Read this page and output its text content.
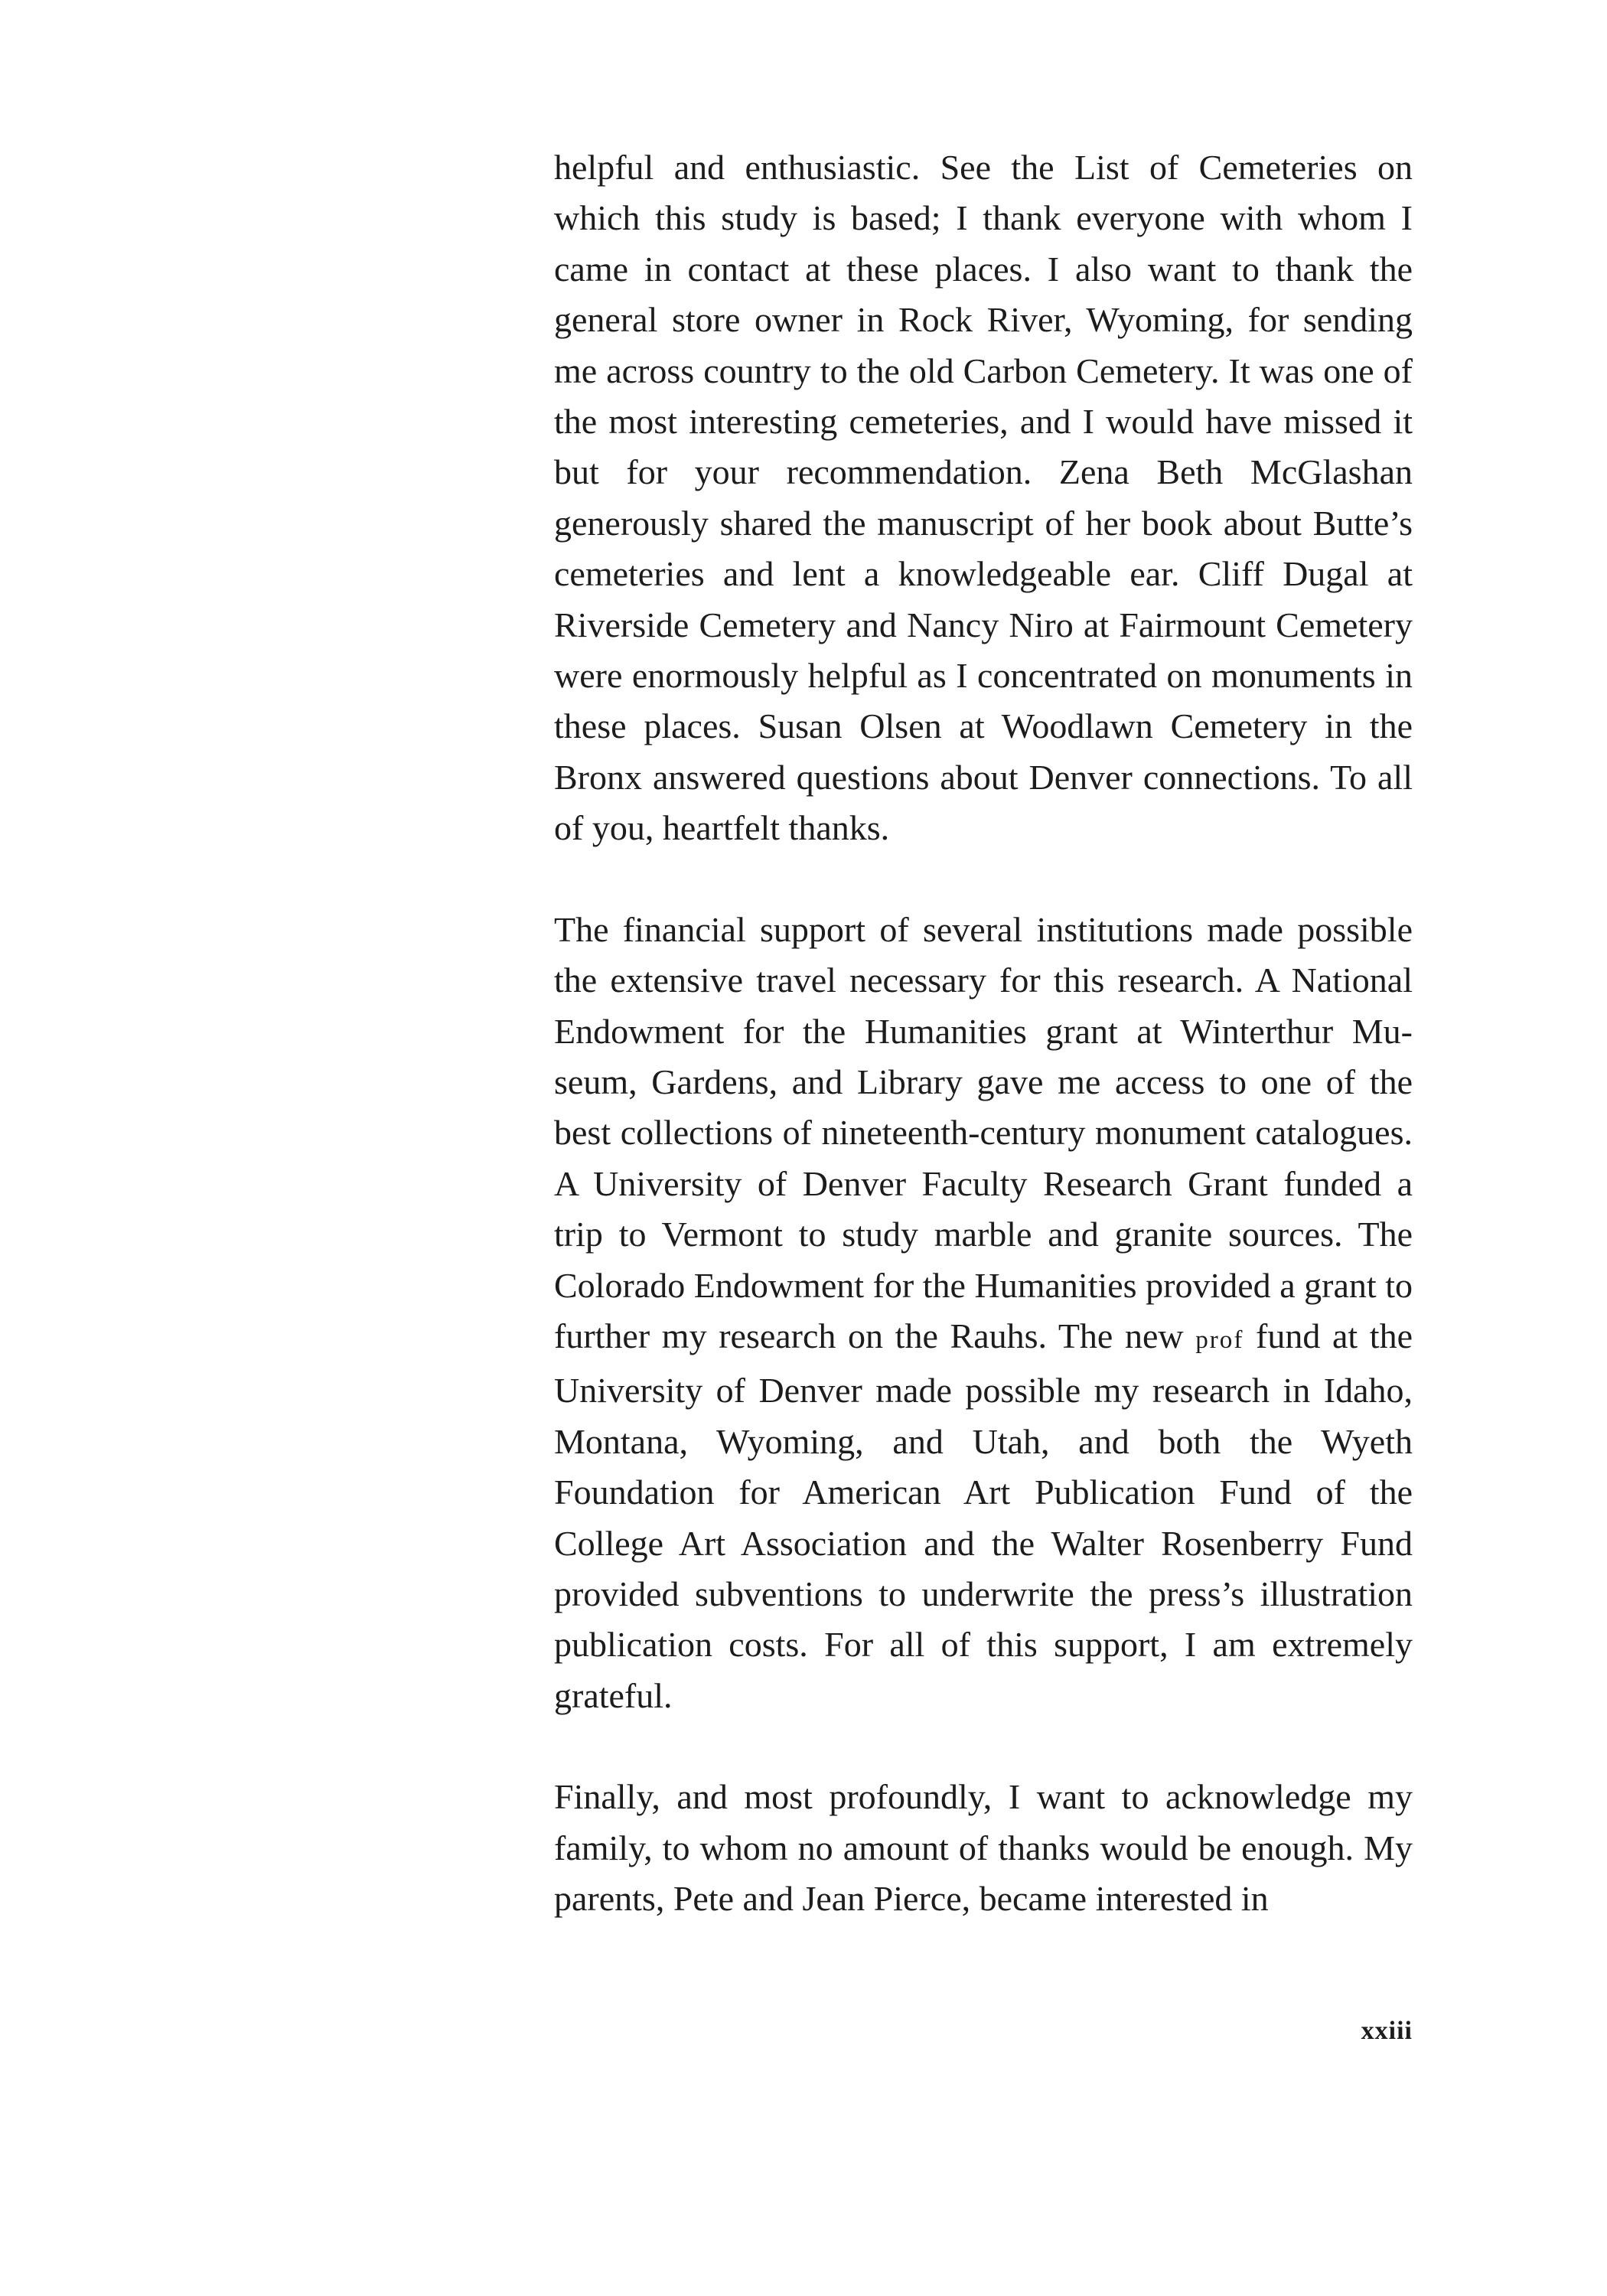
helpful and enthusiastic. See the List of Cemeteries on which this study is based; I thank everyone with whom I came in contact at these places. I also want to thank the general store owner in Rock River, Wyoming, for sending me across country to the old Carbon Cemetery. It was one of the most interesting cemeteries, and I would have missed it but for your recommendation. Zena Beth McGlashan generously shared the manuscript of her book about Butte’s cemeteries and lent a knowledgeable ear. Cliff Dugal at Riverside Cemetery and Nancy Niro at Fairmount Cemetery were enormously helpful as I concentrated on monuments in these places. Susan Olsen at Woodlawn Cemetery in the Bronx answered questions about Denver connections. To all of you, heartfelt thanks.

The financial support of several institutions made possible the extensive travel necessary for this research. A National Endowment for the Humanities grant at Winterthur Museum, Gardens, and Library gave me access to one of the best collections of nineteenth-century monument catalogues. A University of Denver Faculty Research Grant funded a trip to Vermont to study marble and granite sources. The Colorado Endowment for the Humanities provided a grant to further my research on the Rauhs. The new prof fund at the University of Denver made possible my research in Idaho, Montana, Wyoming, and Utah, and both the Wyeth Foundation for American Art Publication Fund of the College Art Association and the Walter Rosenberry Fund provided subventions to underwrite the press’s illustration publication costs. For all of this support, I am extremely grateful.

Finally, and most profoundly, I want to acknowledge my family, to whom no amount of thanks would be enough. My parents, Pete and Jean Pierce, became interested in

xxiii
